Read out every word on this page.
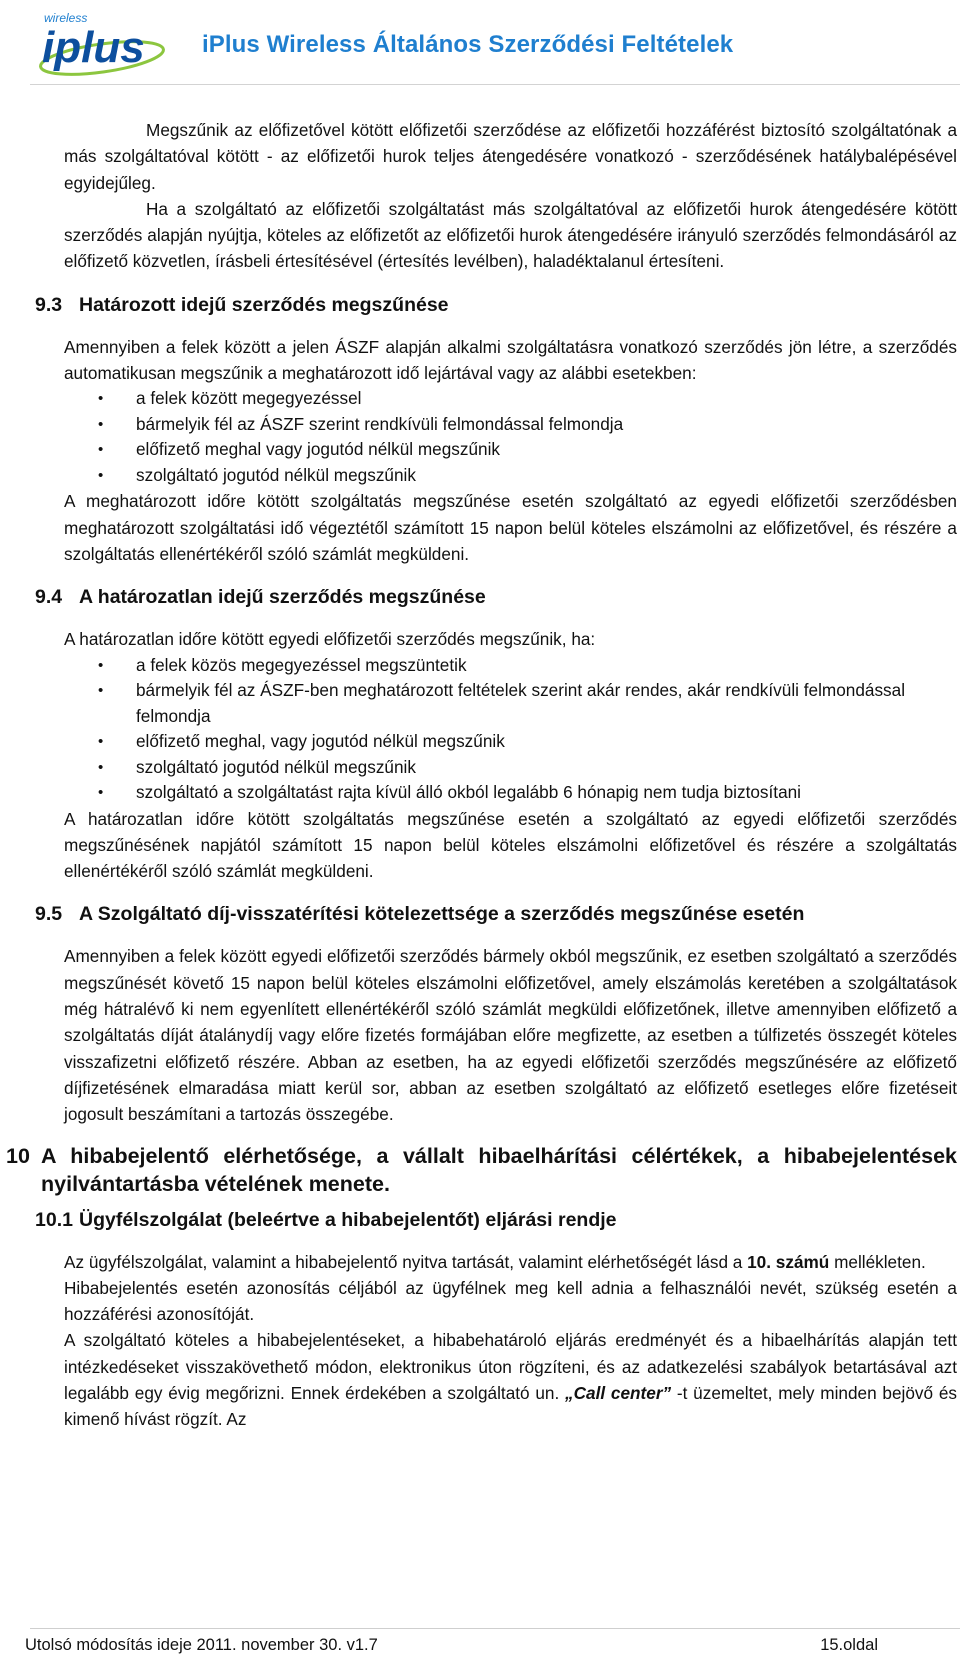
wireless
iplus iPlus Wireless Általános Szerződési Feltételek

Megszűnik az előfizetővel kötött előfizetői szerződése az előfizetői hozzáférést biztosító szolgáltatónak a más szolgáltatóval kötött - az előfizetői hurok teljes átengedésére vonatkozó - szerződésének hatálybalépésével egyidejűleg.

Ha a szolgáltató az előfizetői szolgáltatást más szolgáltatóval az előfizetői hurok átengedésére kötött szerződés alapján nyújtja, köteles az előfizetőt az előfizetői hurok átengedésére irányuló szerződés felmondásáról az előfizető közvetlen, írásbeli értesítésével (értesítés levélben), haladéktalanul értesíteni.

9.3 Határozott idejű szerződés megszűnése

Amennyiben a felek között a jelen ÁSZF alapján alkalmi szolgáltatásra vonatkozó szerződés jön létre, a szerződés automatikusan megszűnik a meghatározott idő lejártával vagy az alábbi esetekben:

• a felek között megegyezéssel
• bármelyik fél az ÁSZF szerint rendkívüli felmondással felmondja
• előfizető meghal vagy jogutód nélkül megszűnik
• szolgáltató jogutód nélkül megszűnik

A meghatározott időre kötött szolgáltatás megszűnése esetén szolgáltató az egyedi előfizetői szerződésben meghatározott szolgáltatási idő végeztétől számított 15 napon belül köteles elszámolni az előfizetővel, és részére a szolgáltatás ellenértékéről szóló számlát megküldeni.

9.4 A határozatlan idejű szerződés megszűnése

A határozatlan időre kötött egyedi előfizetői szerződés megszűnik, ha:

• a felek közös megegyezéssel megszüntetik
• bármelyik fél az ÁSZF-ben meghatározott feltételek szerint akár rendes, akár rendkívüli felmondással felmondja
• előfizető meghal, vagy jogutód nélkül megszűnik
• szolgáltató jogutód nélkül megszűnik
• szolgáltató a szolgáltatást rajta kívül álló okból legalább 6 hónapig nem tudja biztosítani

A határozatlan időre kötött szolgáltatás megszűnése esetén a szolgáltató az egyedi előfizetői szerződés megszűnésének napjától számított 15 napon belül köteles elszámolni előfizetővel és részére a szolgáltatás ellenértékéről szóló számlát megküldeni.

9.5 A Szolgáltató díj-visszatérítési kötelezettsége a szerződés megszűnése esetén

Amennyiben a felek között egyedi előfizetői szerződés bármely okból megszűnik, ez esetben szolgáltató a szerződés megszűnését követő 15 napon belül köteles elszámolni előfizetővel, amely elszámolás keretében a szolgáltatások még hátralévő ki nem egyenlített ellenértékéről szóló számlát megküldi előfizetőnek, illetve amennyiben előfizető a szolgáltatás díját átalánydíj vagy előre fizetés formájában előre megfizette, az esetben a túlfizetés összegét köteles visszafizetni előfizető részére. Abban az esetben, ha az egyedi előfizetői szerződés megszűnésére az előfizető díjfizetésének elmaradása miatt kerül sor, abban az esetben szolgáltató az előfizető esetleges előre fizetéseit jogosult beszámítani a tartozás összegébe.

10 A hibabejelentő elérhetősége, a vállalt hibaelhárítási célértékek, a hibabejelentések nyilvántartásba vételének menete.
10.1 Ügyfélszolgálat (beleértve a hibabejelentőt) eljárási rendje

Az ügyfélszolgálat, valamint a hibabejelentő nyitva tartását, valamint elérhetőségét lásd a 10. számú mellékleten.

Hibabejelentés esetén azonosítás céljából az ügyfélnek meg kell adnia a felhasználói nevét, szükség esetén a hozzáférési azonosítóját.

A szolgáltató köteles a hibabejelentéseket, a hibabehatároló eljárás eredményét és a hibaelhárítás alapján tett intézkedéseket visszakövethető módon, elektronikus úton rögzíteni, és az adatkezelési szabályok betartásával azt legalább egy évig megőrizni. Ennek érdekében a szolgáltató un. „Call center” -t üzemeltet, mely minden bejövő és kimenő hívást rögzít. Az

Utolsó módosítás ideje 2011. november 30. v1.7	15.oldal
